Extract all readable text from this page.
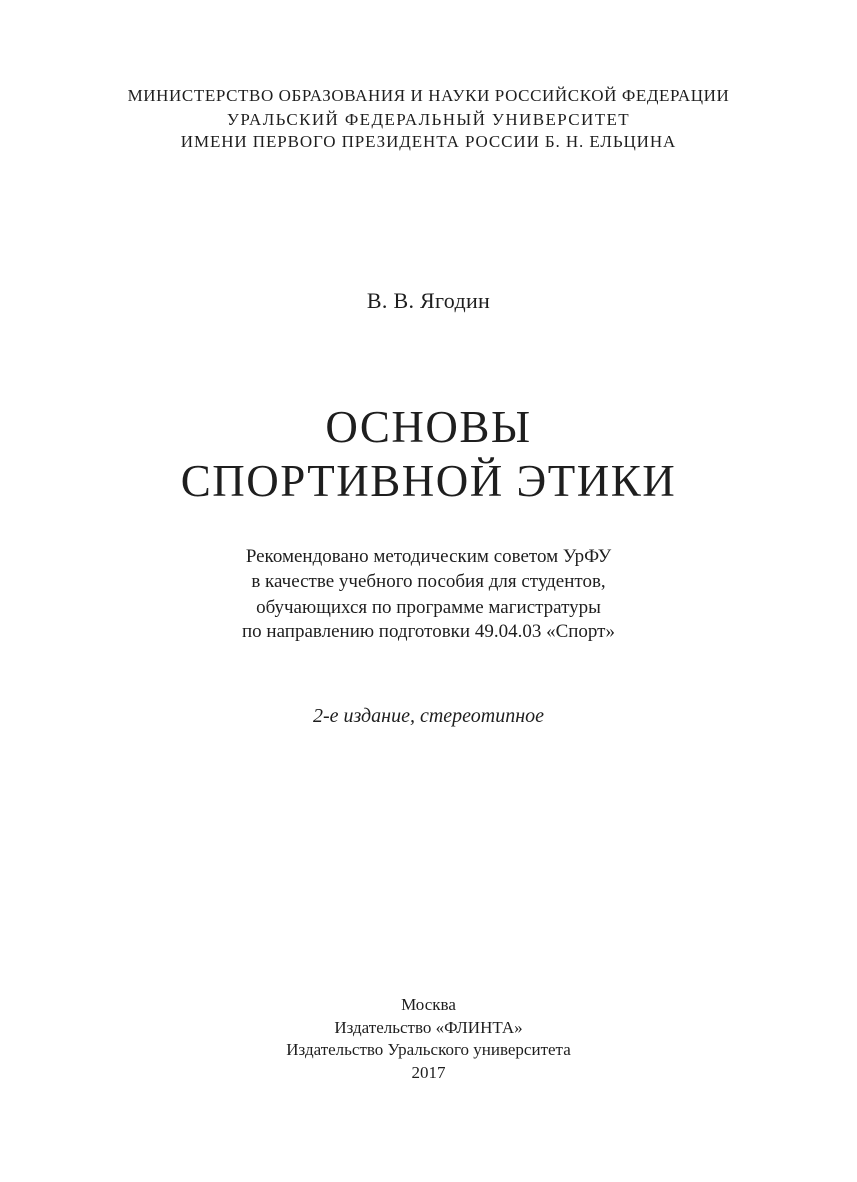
МИНИСТЕРСТВО ОБРАЗОВАНИЯ И НАУКИ РОССИЙСКОЙ ФЕДЕРАЦИИ
УРАЛЬСКИЙ ФЕДЕРАЛЬНЫЙ УНИВЕРСИТЕТ
ИМЕНИ ПЕРВОГО ПРЕЗИДЕНТА РОССИИ Б. Н. ЕЛЬЦИНА
В. В. Ягодин
ОСНОВЫ
СПОРТИВНОЙ ЭТИКИ
Рекомендовано методическим советом УрФУ
в качестве учебного пособия для студентов,
обучающихся по программе магистратуры
по направлению подготовки 49.04.03 «Спорт»
2-е издание, стереотипное
Москва
Издательство «ФЛИНТА»
Издательство Уральского университета
2017
